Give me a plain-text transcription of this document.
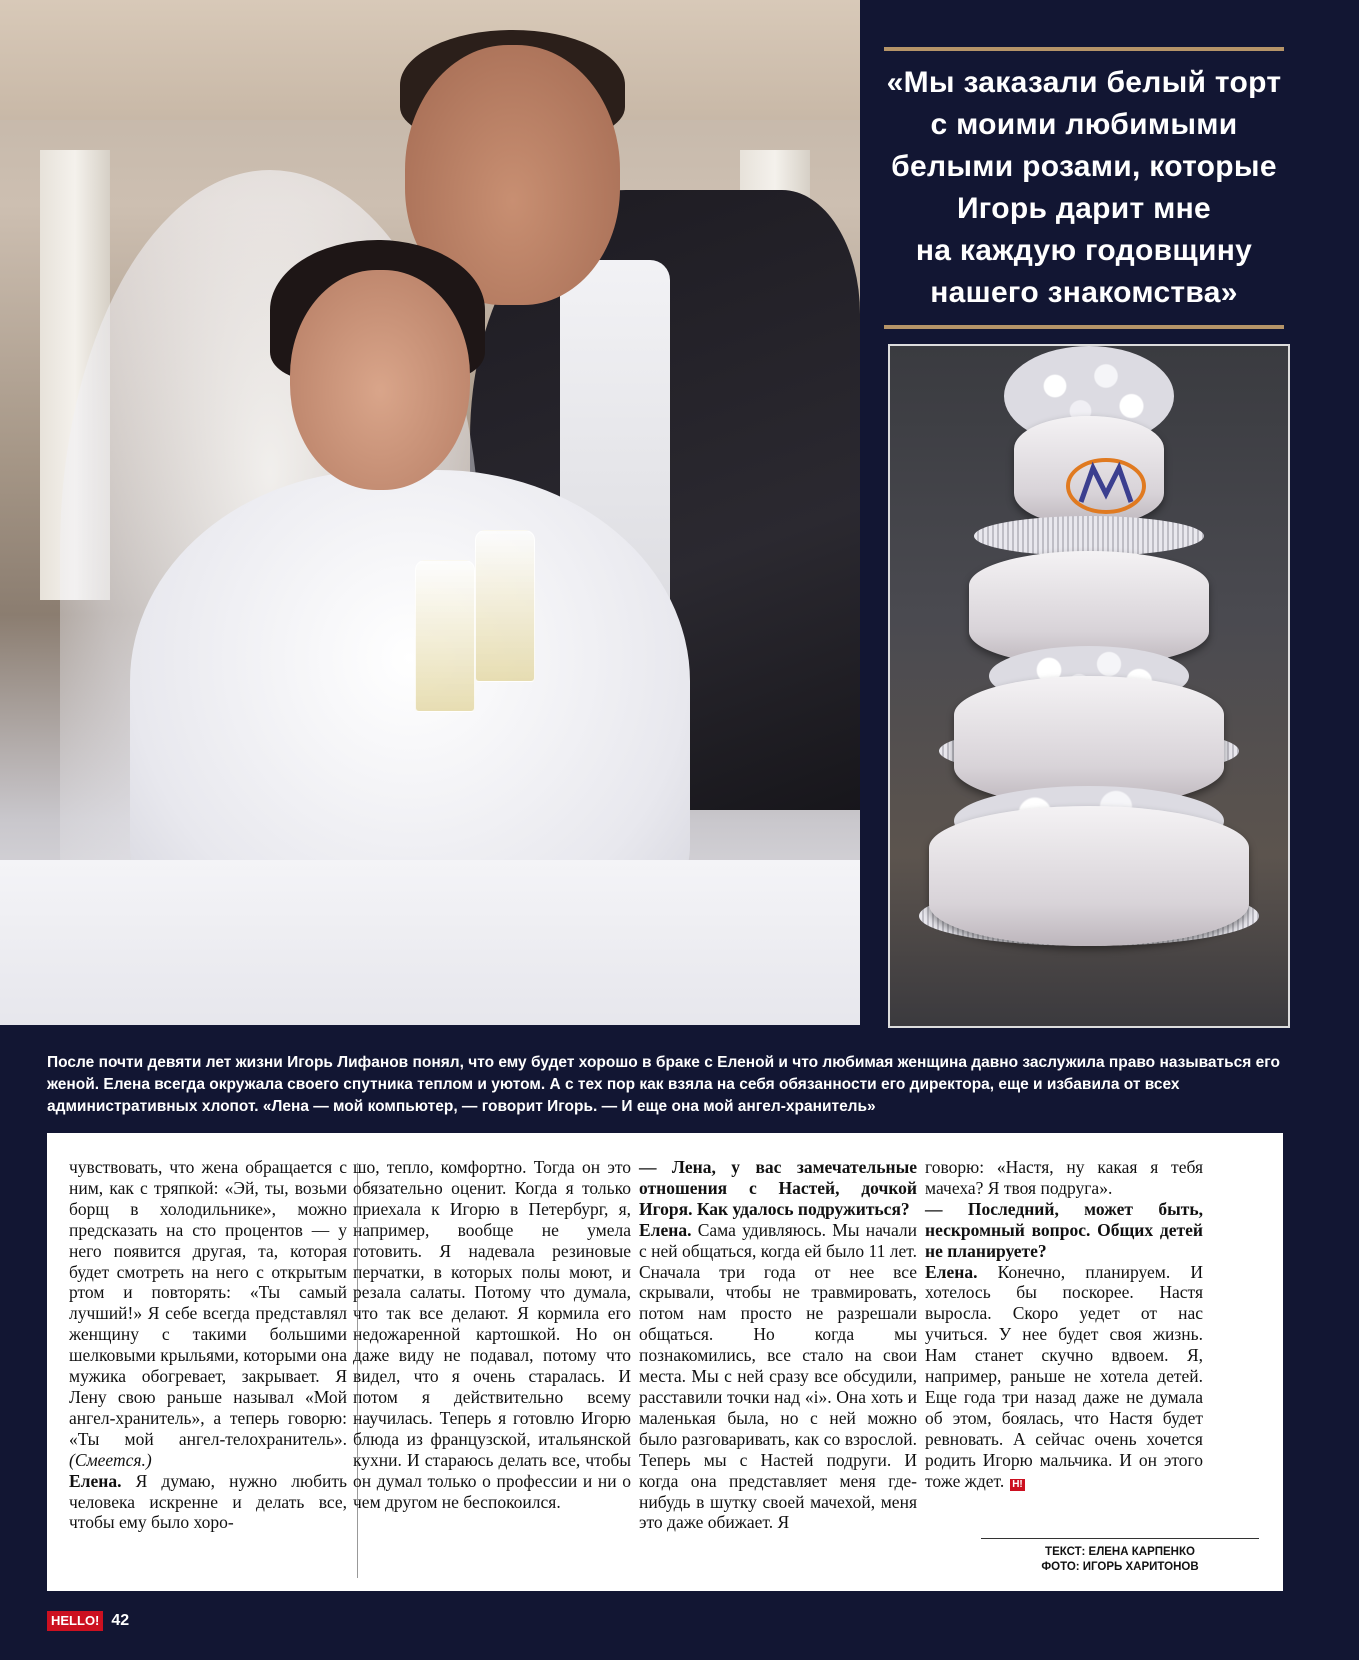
«Мы заказали белый торт
с моими любимыми
белыми розами, которые
Игорь дарит мне
на каждую годовщину
нашего знакомства»
После почти девяти лет жизни Игорь Лифанов понял, что ему будет хорошо в браке с Еленой и что любимая женщина давно заслужила право называться его женой. Елена всегда окружала своего спутника теплом и уютом. А с тех пор как взяла на себя обязанности его директора, еще и избавила от всех административных хлопот. «Лена — мой компьютер, — говорит Игорь. — И еще она мой ангел-хранитель»

чувствовать, что жена обращается с ним, как с тряпкой: «Эй, ты, возьми борщ в холодильнике», можно предсказать на сто процентов — у него появится другая, та, которая будет смотреть на него с открытым ртом и повторять: «Ты самый лучший!» Я себе всегда представлял женщину с такими большими шелковыми крыльями, которыми она мужика обогревает, закрывает. Я Лену свою раньше называл «Мой ангел-хранитель», а теперь говорю: «Ты мой ангел-телохранитель». (Смеется.)

Елена. Я думаю, нужно любить человека искренне и делать все, чтобы ему было хоро-

шо, тепло, комфортно. Тогда он это обязательно оценит. Когда я только приехала к Игорю в Петербург, я, например, вообще не умела готовить. Я надевала резиновые перчатки, в которых полы моют, и резала салаты. Потому что думала, что так все делают. Я кормила его недожаренной картошкой. Но он даже виду не подавал, потому что видел, что я очень старалась. И потом я действительно всему научилась. Теперь я готовлю Игорю блюда из французской, итальянской кухни. И стараюсь делать все, чтобы он думал только о профессии и ни о чем другом не беспокоился.

— Лена, у вас замечательные отношения с Настей, дочкой Игоря. Как удалось подружиться?

Елена. Сама удивляюсь. Мы начали с ней общаться, когда ей было 11 лет. Сначала три года от нее все скрывали, чтобы не травмировать, потом нам просто не разрешали общаться. Но когда мы познакомились, все стало на свои места. Мы с ней сразу все обсудили, расставили точки над «i». Она хоть и маленькая была, но с ней можно было разговаривать, как со взрослой. Теперь мы с Настей подруги. И когда она представляет меня где-нибудь в шутку своей мачехой, меня это даже обижает. Я

говорю: «Настя, ну какая я тебя мачеха? Я твоя подруга».

— Последний, может быть, нескромный вопрос. Общих детей не планируете?

Елена. Конечно, планируем. И хотелось бы поскорее. Настя выросла. Скоро уедет от нас учиться. У нее будет своя жизнь. Нам станет скучно вдвоем. Я, например, раньше не хотела детей. Еще года три назад даже не думала об этом, боялась, что Настя будет ревновать. А сейчас очень хочется родить Игорю мальчика. И он этого тоже ждет. H!

ТЕКСТ: ЕЛЕНА КАРПЕНКО
ФОТО: ИГОРЬ ХАРИТОНОВ
HELLO! 42
